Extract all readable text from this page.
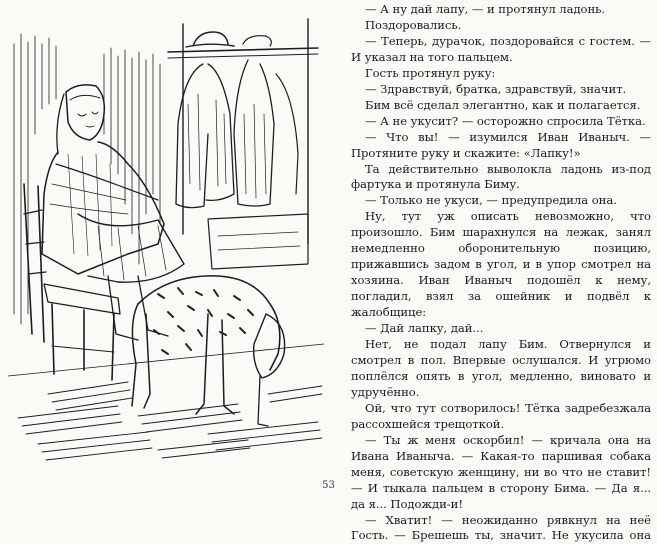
— А ну дай лапу, — и протянул ладонь.

Поздоровались.

— Теперь, дурачок, поздоровайся с гостем. — И указал на того пальцем.

Гость протянул руку:

— Здравствуй, братка, здравствуй, значит.

Бим всё сделал элегантно, как и полагается.

— А не укусит? — осторожно спросила Тётка.

— Что вы! — изумился Иван Иваныч. — Протяните руку и скажите: «Лапку!»

Та действительно выволокла ладонь из-под фартука и протянула Биму.

— Только не укуси, — предупредила она.

Ну, тут уж описать невозможно, что произошло. Бим шарахнулся на лежак, занял немедленно оборонительную позицию, прижавшись задом в угол, и в упор смотрел на хозяина. Иван Иваныч подошёл к нему, погладил, взял за ошейник и подвёл к жалобщице:

— Дай лапку, дай...

Нет, не подал лапу Бим. Отвернулся и смотрел в пол. Впервые ослушался. И угрюмо поплёлся опять в угол, медленно, виновато и удручённо.

Ой, что тут сотворилось! Тётка задребезжала рассохшейся трещоткой.

— Ты ж меня оскорбил! — кричала она на Ивана Иваныча. — Какая-то паршивая собака меня, советскую женщину, ни во что не ставит! — И тыкала пальцем в сторону Бима. — Да я... да я... Подожди-и!

— Хватит! — неожиданно рявкнул на неё Гость. — Брешешь ты, значит. Не укусила она

53
